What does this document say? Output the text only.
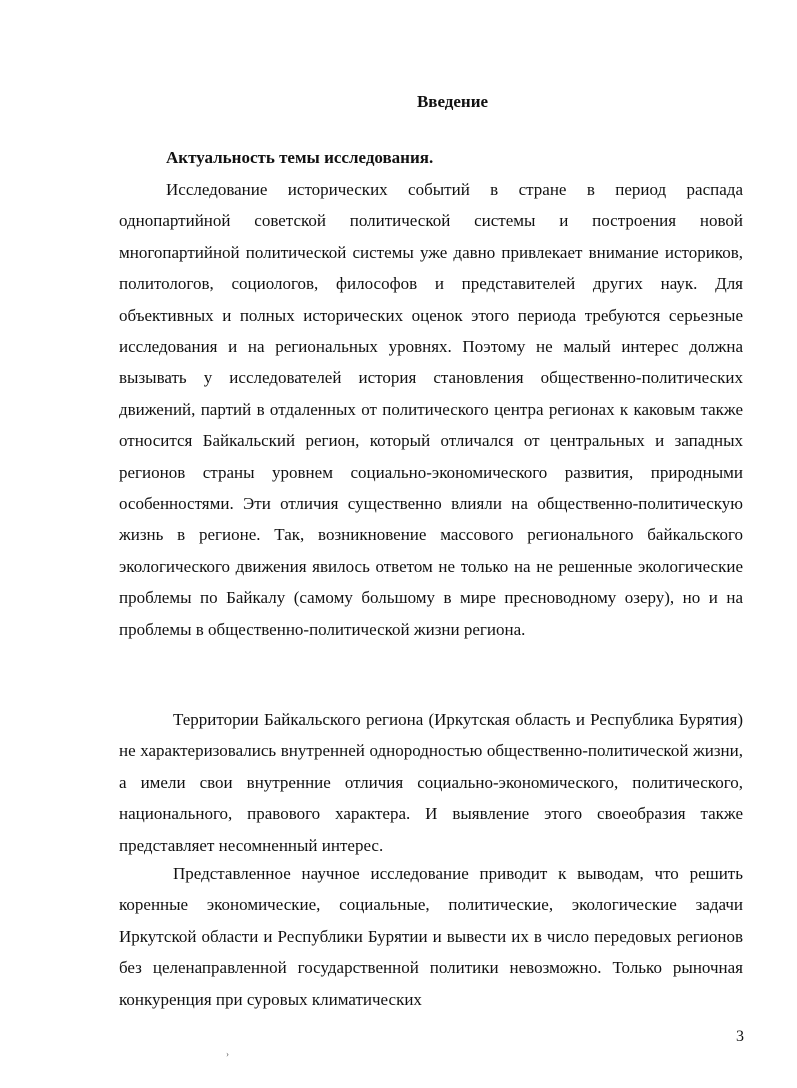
Введение
Актуальность темы исследования.

Исследование исторических событий в стране в период распада однопартийной советской политической системы и построения новой многопартийной политической системы уже давно привлекает внимание историков, политологов, социологов, философов и представителей других наук. Для объективных и полных исторических оценок этого периода требуются серьезные исследования и на региональных уровнях. Поэтому не малый интерес должна вызывать у исследователей история становления общественно-политических движений, партий в отдаленных от политического центра регионах к каковым также относится Байкальский регион, который отличался от центральных и западных регионов страны уровнем социально-экономического развития, природными особенностями. Эти отличия существенно влияли на общественно-политическую жизнь в регионе. Так, возникновение массового регионального байкальского экологического движения явилось ответом не только на не решенные экологические проблемы по Байкалу (самому большому в мире пресноводному озеру), но и на проблемы в общественно-политической жизни региона.

Территории Байкальского региона (Иркутская область и Республика Бурятия) не характеризовались внутренней однородностью общественно-политической жизни, а имели свои внутренние отличия социально-экономического, политического, национального, правового характера. И выявление этого своеобразия также представляет несомненный интерес.

Представленное научное исследование приводит к выводам, что решить коренные экономические, социальные, политические, экологические задачи Иркутской области и Республики Бурятии и вывести их в число передовых регионов без целенаправленной государственной политики невозможно. Только рыночная конкуренция при суровых климатических

3
›
